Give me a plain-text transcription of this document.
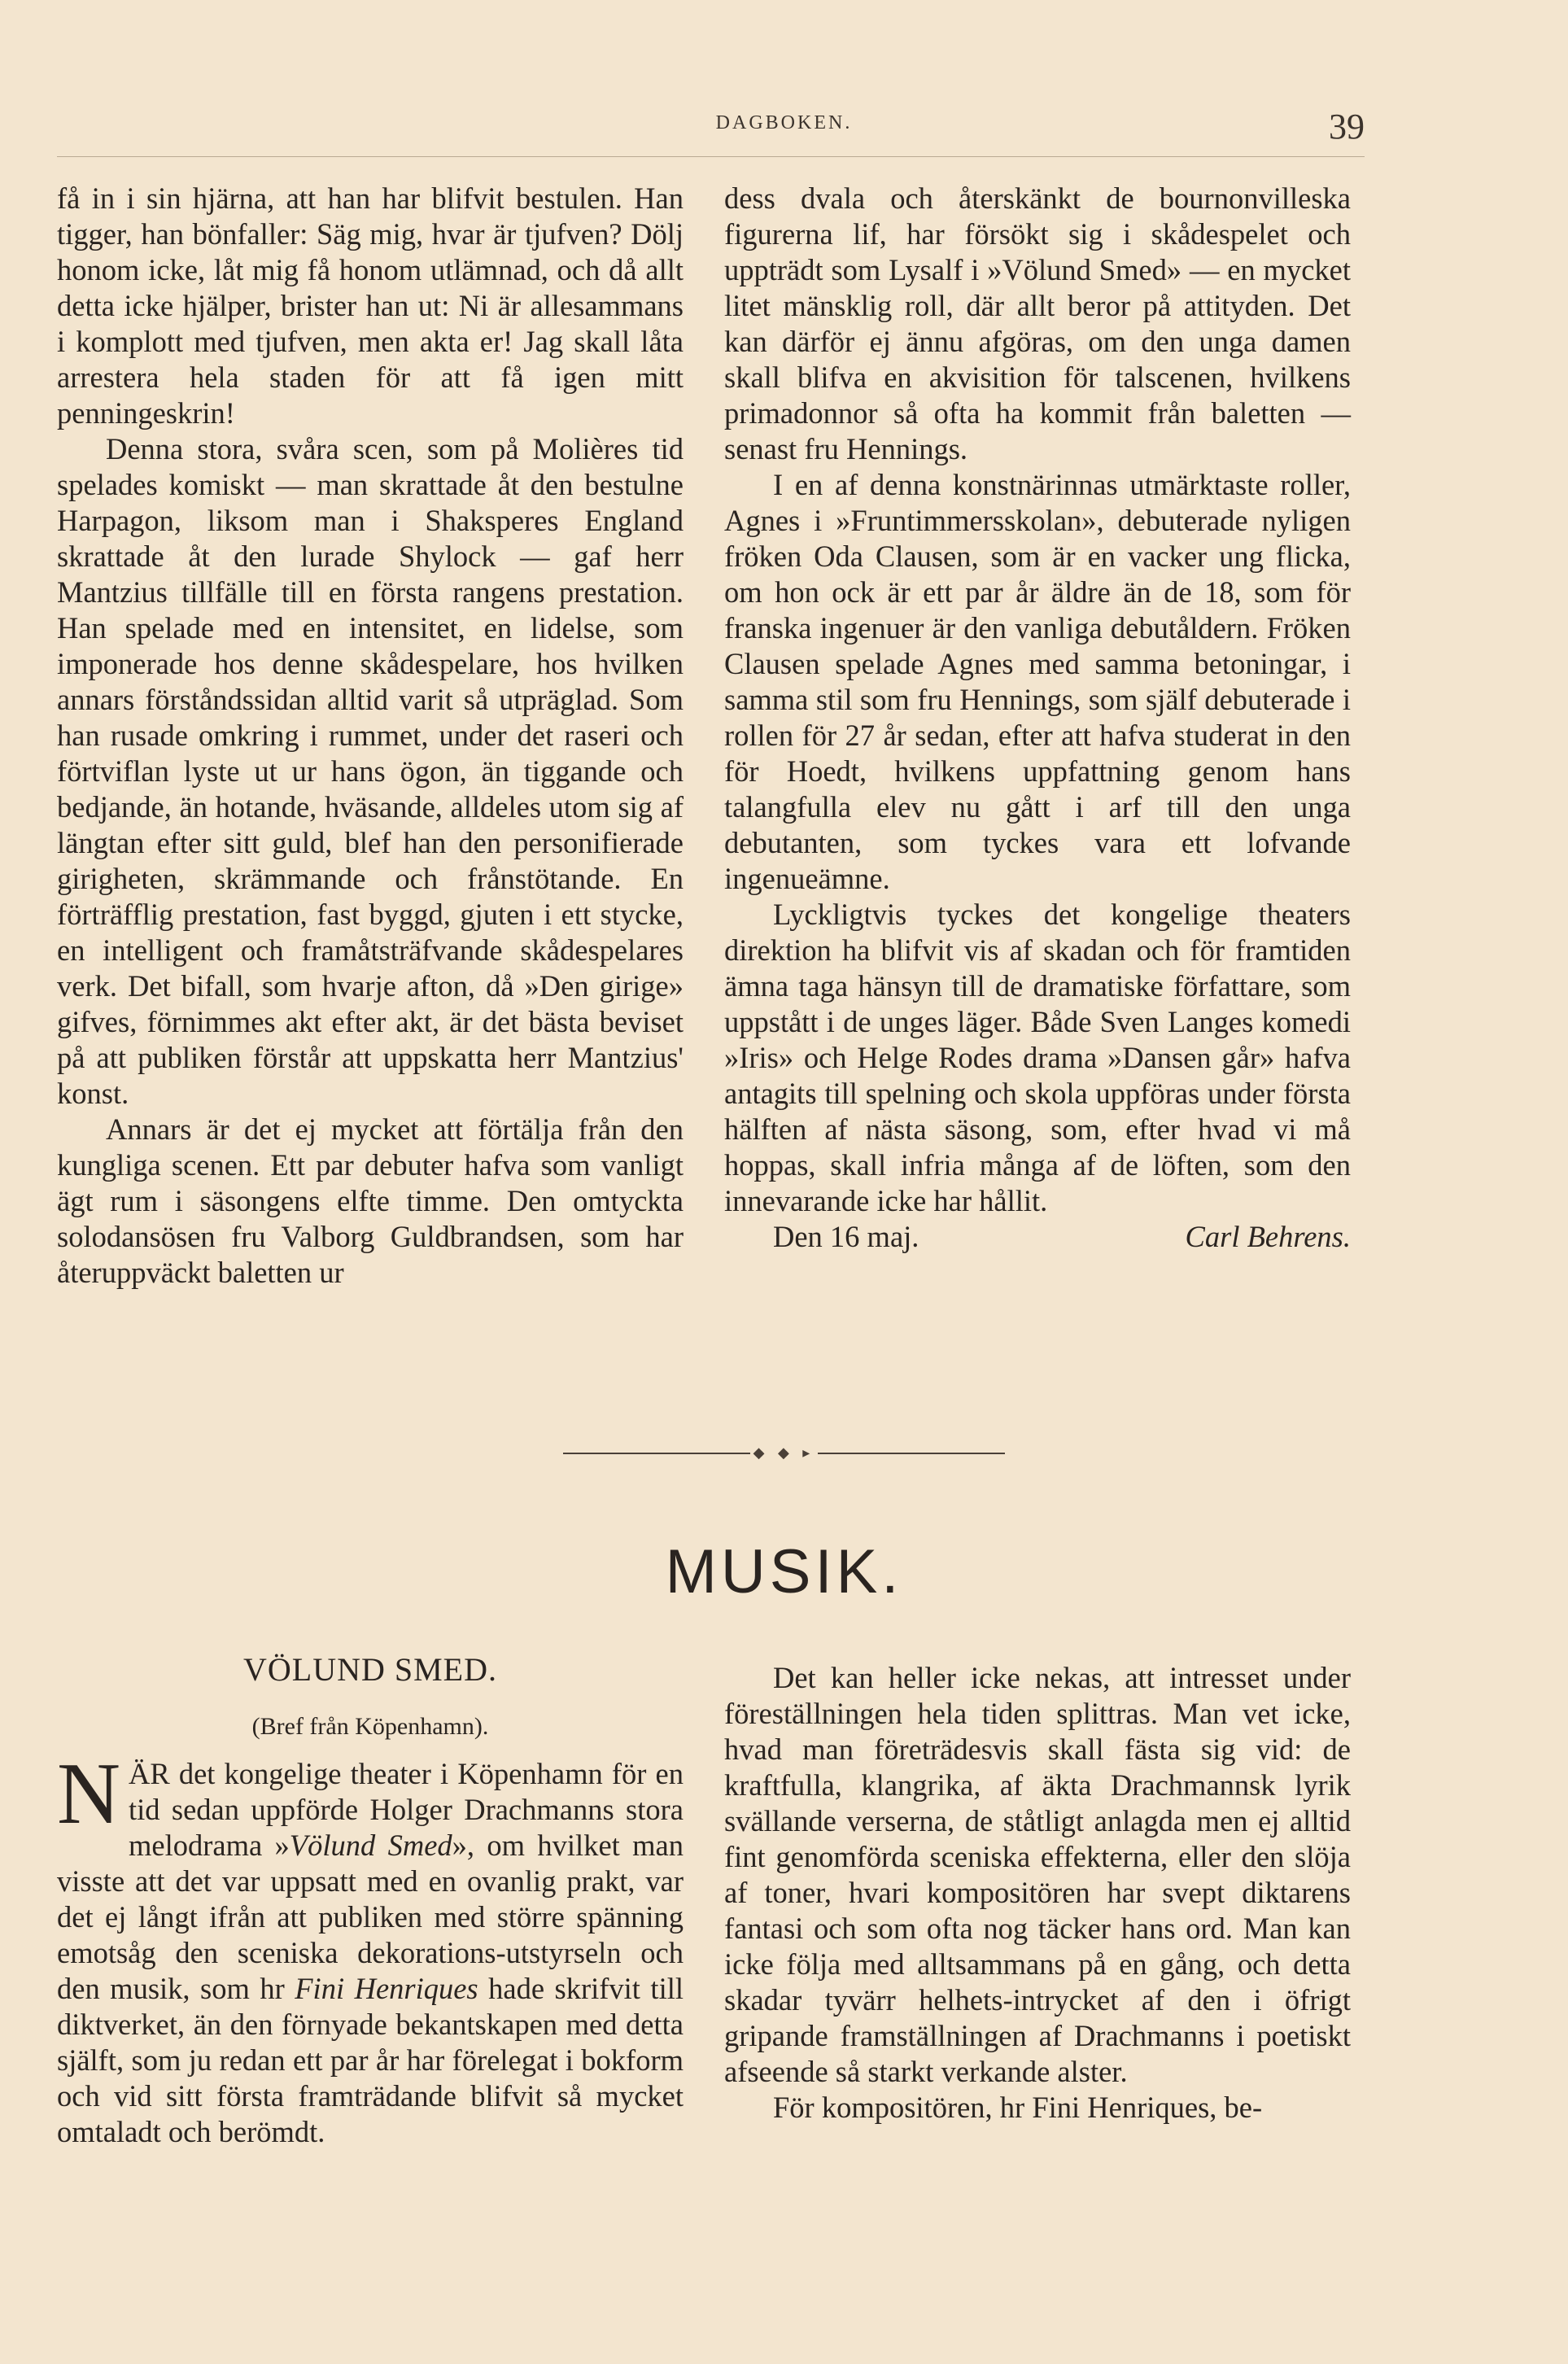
DAGBOKEN.	39

få in i sin hjärna, att han har blifvit bestulen. Han tigger, han bönfaller: Säg mig, hvar är tjufven? Dölj honom icke, låt mig få honom utlämnad, och då allt detta icke hjälper, brister han ut: Ni är allesammans i komplott med tjufven, men akta er! Jag skall låta arrestera hela staden för att få igen mitt penningeskrin!

Denna stora, svåra scen, som på Molières tid spelades komiskt — man skrattade åt den bestulne Harpagon, liksom man i Shaksperes England skrattade åt den lurade Shylock — gaf herr Mantzius tillfälle till en första rangens prestation. Han spelade med en intensitet, en lidelse, som imponerade hos denne skådespelare, hos hvilken annars förståndssidan alltid varit så utpräglad. Som han rusade omkring i rummet, under det raseri och förtviflan lyste ut ur hans ögon, än tiggande och bedjande, än hotande, hväsande, alldeles utom sig af längtan efter sitt guld, blef han den personifierade girigheten, skrämmande och frånstötande. En förträfflig prestation, fast byggd, gjuten i ett stycke, en intelligent och framåtsträfvande skådespelares verk. Det bifall, som hvarje afton, då »Den girige» gifves, förnimmes akt efter akt, är det bästa beviset på att publiken förstår att uppskatta herr Mantzius' konst.

Annars är det ej mycket att förtälja från den kungliga scenen. Ett par debuter hafva som vanligt ägt rum i säsongens elfte timme. Den omtyckta solodansösen fru Valborg Guldbrandsen, som har återuppväckt baletten ur

dess dvala och återskänkt de bournonvilleska figurerna lif, har försökt sig i skådespelet och uppträdt som Lysalf i »Völund Smed» — en mycket litet mänsklig roll, där allt beror på attityden. Det kan därför ej ännu afgöras, om den unga damen skall blifva en akvisition för talscenen, hvilkens primadonnor så ofta ha kommit från baletten — senast fru Hennings.

I en af denna konstnärinnas utmärktaste roller, Agnes i »Fruntimmersskolan», debuterade nyligen fröken Oda Clausen, som är en vacker ung flicka, om hon ock är ett par år äldre än de 18, som för franska ingenuer är den vanliga debutåldern. Fröken Clausen spelade Agnes med samma betoningar, i samma stil som fru Hennings, som själf debuterade i rollen för 27 år sedan, efter att hafva studerat in den för Hoedt, hvilkens uppfattning genom hans talangfulla elev nu gått i arf till den unga debutanten, som tyckes vara ett lofvande ingenueämne.

Lyckligtvis tyckes det kongelige theaters direktion ha blifvit vis af skadan och för framtiden ämna taga hänsyn till de dramatiske författare, som uppstått i de unges läger. Både Sven Langes komedi »Iris» och Helge Rodes drama »Dansen går» hafva antagits till spelning och skola uppföras under första hälften af nästa säsong, som, efter hvad vi må hoppas, skall infria många af de löften, som den innevarande icke har hållit.

Den 16 maj.	Carl Behrens.
◆ ◆ ▸
MUSIK.
VÖLUND SMED.
(Bref från Köpenhamn).

NÄR det kongelige theater i Köpenhamn för en tid sedan uppförde Holger Drachmanns stora melodrama »Völund Smed», om hvilket man visste att det var uppsatt med en ovanlig prakt, var det ej långt ifrån att publiken med större spänning emotsåg den sceniska dekorations-utstyrseln och den musik, som hr Fini Henriques hade skrifvit till diktverket, än den förnyade bekantskapen med detta själft, som ju redan ett par år har förelegat i bokform och vid sitt första framträdande blifvit så mycket omtaladt och berömdt.

Det kan heller icke nekas, att intresset under föreställningen hela tiden splittras. Man vet icke, hvad man företrädesvis skall fästa sig vid: de kraftfulla, klangrika, af äkta Drachmannsk lyrik svällande verserna, de ståtligt anlagda men ej alltid fint genomförda sceniska effekterna, eller den slöja af toner, hvari kompositören har svept diktarens fantasi och som ofta nog täcker hans ord. Man kan icke följa med alltsammans på en gång, och detta skadar tyvärr helhets-intrycket af den i öfrigt gripande framställningen af Drachmanns i poetiskt afseende så starkt verkande alster.

För kompositören, hr Fini Henriques, be-
